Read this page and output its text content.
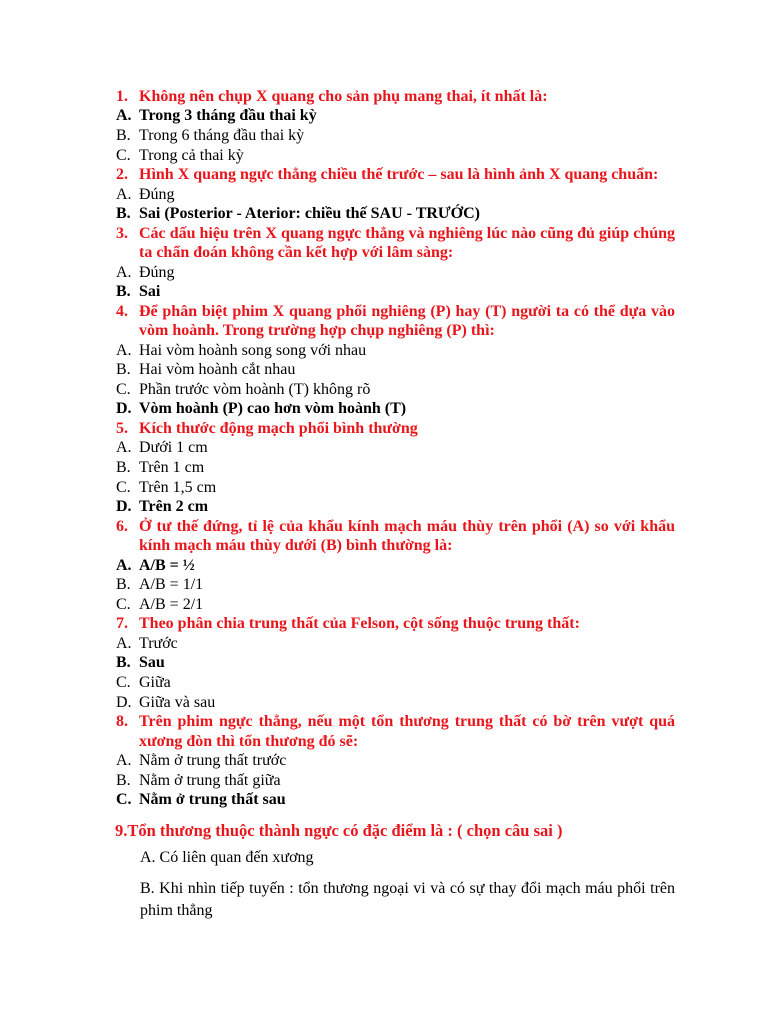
1. Không nên chụp X quang cho sản phụ mang thai, ít nhất là:
A. Trong 3 tháng đầu thai kỳ
B. Trong 6 tháng đầu thai kỳ
C. Trong cả thai kỳ
2. Hình X quang ngực thẳng chiều thế trước – sau là hình ảnh X quang chuẩn:
A. Đúng
B. Sai (Posterior - Aterior: chiều thế SAU - TRƯỚC)
3. Các dấu hiệu trên X quang ngực thẳng và nghiêng lúc nào cũng đủ giúp chúng ta chẩn đoán không cần kết hợp với lâm sàng:
A. Đúng
B. Sai
4. Để phân biệt phim X quang phổi nghiêng (P) hay (T) người ta có thể dựa vào vòm hoành. Trong trường hợp chụp nghiêng (P) thì:
A. Hai vòm hoành song song với nhau
B. Hai vòm hoành cắt nhau
C. Phần trước vòm hoành (T) không rõ
D. Vòm hoành (P) cao hơn vòm hoành (T)
5. Kích thước động mạch phổi bình thường
A. Dưới 1 cm
B. Trên 1 cm
C. Trên 1,5 cm
D. Trên 2 cm
6. Ở tư thế đứng, tỉ lệ của khẩu kính mạch máu thùy trên phổi (A) so với khẩu kính mạch máu thùy dưới (B) bình thường là:
A. A/B = ½
B. A/B = 1/1
C. A/B = 2/1
7. Theo phân chia trung thất của Felson, cột sống thuộc trung thất:
A. Trước
B. Sau
C. Giữa
D. Giữa và sau
8. Trên phim ngực thẳng, nếu một tổn thương trung thất có bờ trên vượt quá xương đòn thì tổn thương đó sẽ:
A. Nằm ở trung thất trước
B. Nằm ở trung thất giữa
C. Nằm ở trung thất sau
9.Tổn thương thuộc thành ngực có đặc điểm là : ( chọn câu sai )
A. Có liên quan đến xương
B. Khi nhìn tiếp tuyến : tổn thương ngoại vi và có sự thay đổi mạch máu phổi trên phim thẳng
